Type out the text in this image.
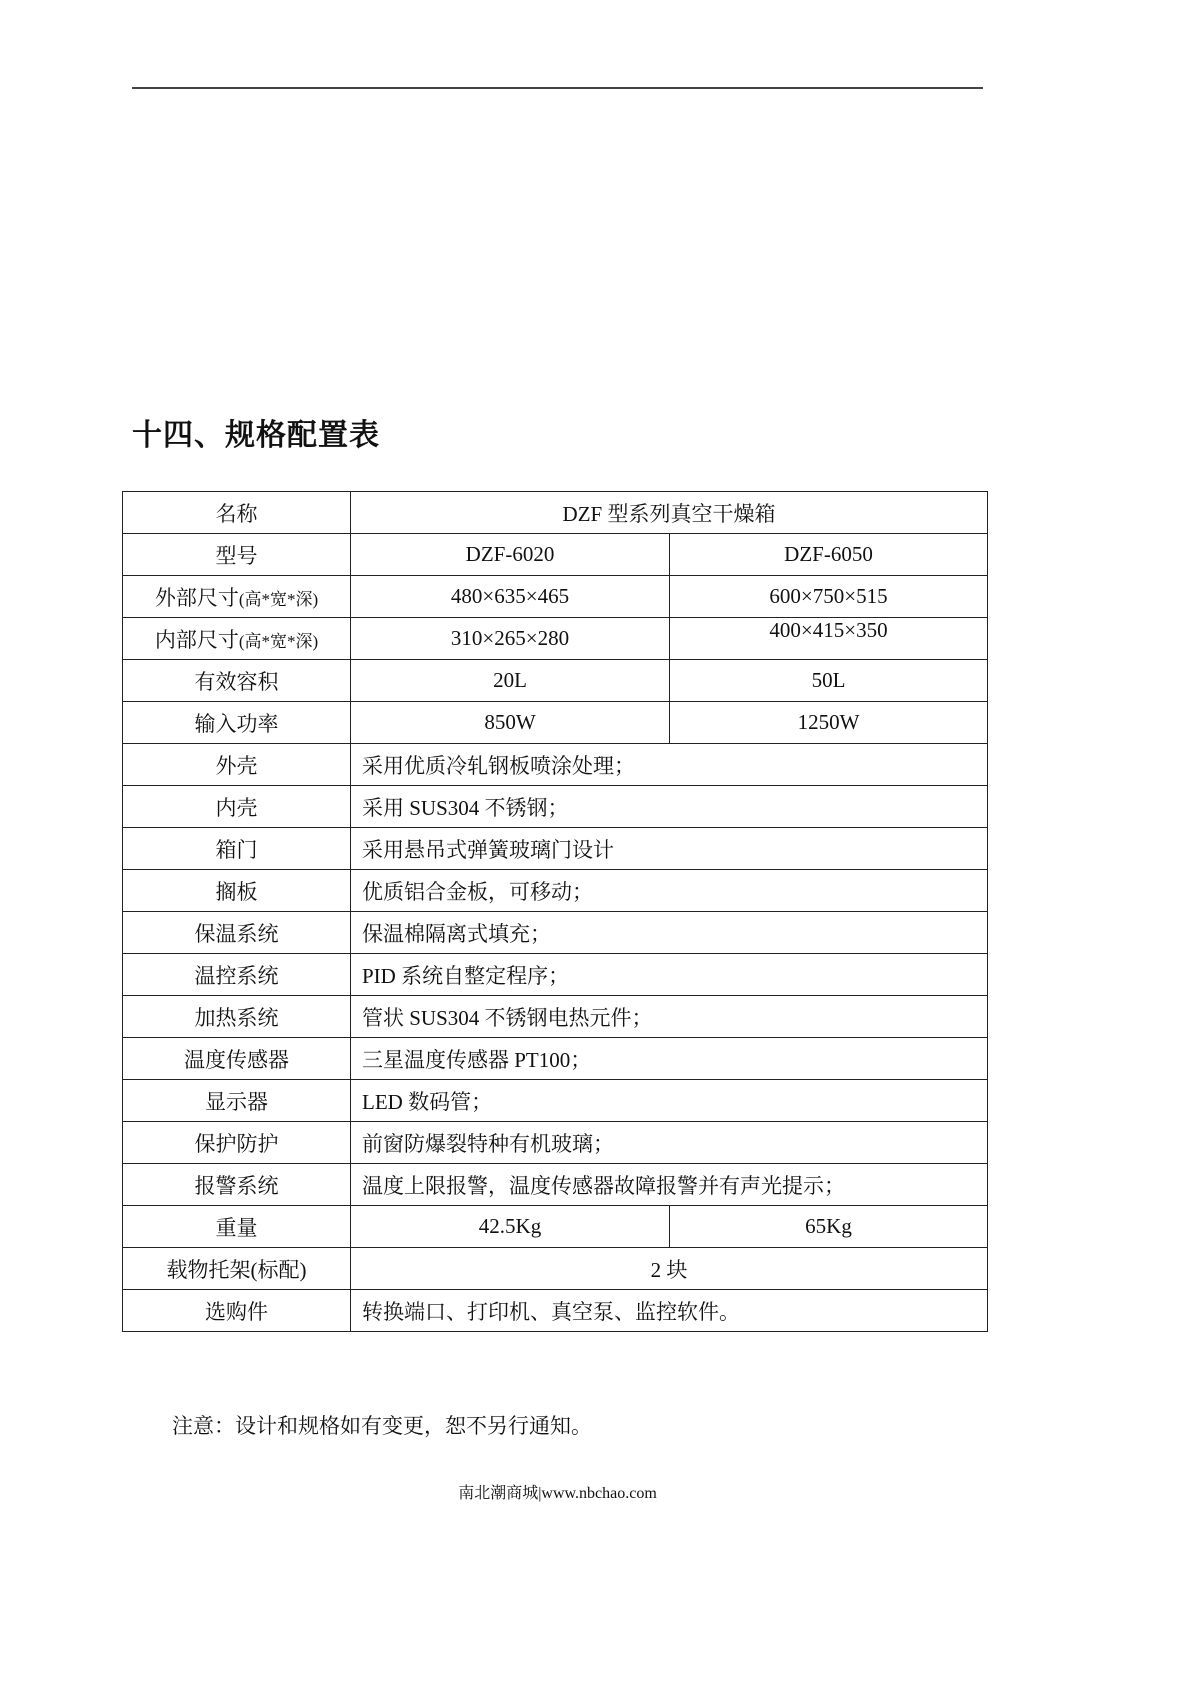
十四、规格配置表
名称	DZF 型系列真空干燥箱	
型号	DZF-6020	DZF-6050
外部尺寸(高*宽*深)	480×635×465	600×750×515
内部尺寸(高*宽*深)	310×265×280	400×415×350
有效容积	20L	50L
输入功率	850W	1250W
外壳	采用优质冷轧钢板喷涂处理；	
内壳	采用 SUS304 不锈钢；	
箱门	采用悬吊式弹簧玻璃门设计	
搁板	优质铝合金板，可移动；	
保温系统	保温棉隔离式填充；	
温控系统	PID 系统自整定程序；	
加热系统	管状 SUS304 不锈钢电热元件；	
温度传感器	三星温度传感器 PT100；	
显示器	LED 数码管；	
保护防护	前窗防爆裂特种有机玻璃；	
报警系统	温度上限报警，温度传感器故障报警并有声光提示；	
重量	42.5Kg	65Kg
载物托架(标配)	2 块	
选购件	转换端口、打印机、真空泵、监控软件。	
注意：设计和规格如有变更，恕不另行通知。
南北潮商城|www.nbchao.com
